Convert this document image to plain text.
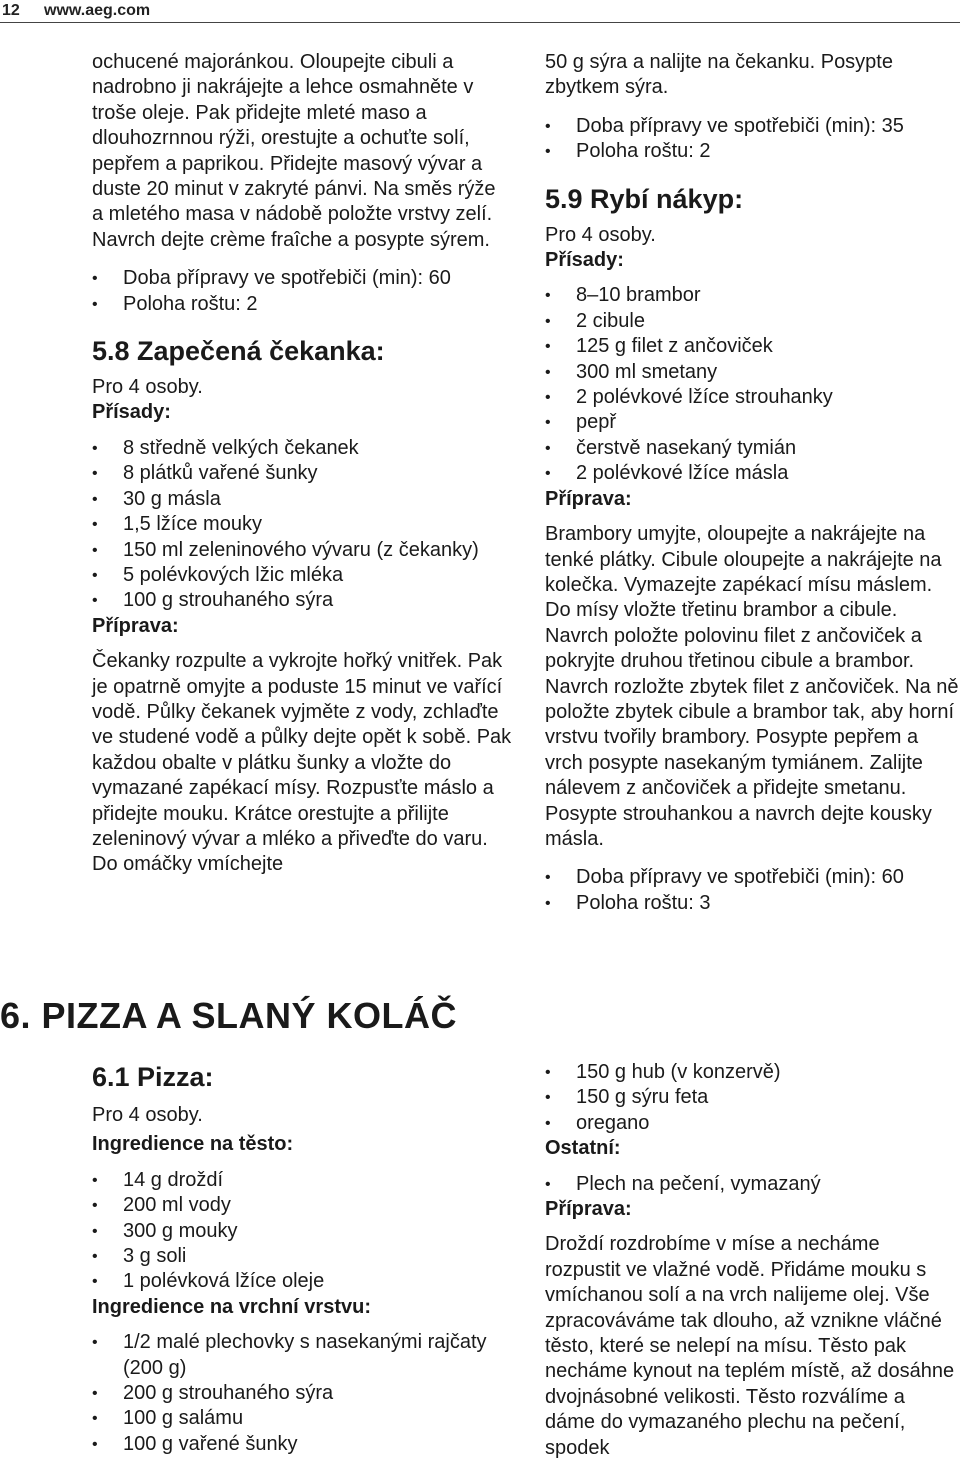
12	www.aeg.com

ochucené majoránkou. Oloupejte cibuli a nadrobno ji nakrájejte a lehce osmahněte v troše oleje. Pak přidejte mleté maso a dlouhozrnnou rýži, orestujte a ochuťte solí, pepřem a paprikou. Přidejte masový vývar a duste 20 minut v zakryté pánvi. Na směs rýže a mletého masa v nádobě položte vrstvy zelí. Navrch dejte crème fraîche a posypte sýrem.

• Doba přípravy ve spotřebiči (min): 60
• Poloha roštu: 2
5.8 Zapečená čekanka:

Pro 4 osoby.

Přísady:

• 8 středně velkých čekanek
• 8 plátků vařené šunky
• 30 g másla
• 1,5 lžíce mouky
• 150 ml zeleninového vývaru (z čekanky)
• 5 polévkových lžic mléka
• 100 g strouhaného sýra

Příprava:

Čekanky rozpulte a vykrojte hořký vnitřek. Pak je opatrně omyjte a poduste 15 minut ve vařící vodě. Půlky čekanek vyjměte z vody, zchlaďte ve studené vodě a půlky dejte opět k sobě. Pak každou obalte v plátku šunky a vložte do vymazané zapékací mísy. Rozpusťte máslo a přidejte mouku. Krátce orestujte a přilijte zeleninový vývar a mléko a přiveďte do varu. Do omáčky vmíchejte

50 g sýra a nalijte na čekanku. Posypte zbytkem sýra.

• Doba přípravy ve spotřebiči (min): 35
• Poloha roštu: 2
5.9 Rybí nákyp:

Pro 4 osoby.

Přísady:

• 8–10 brambor
• 2 cibule
• 125 g filet z ančoviček
• 300 ml smetany
• 2 polévkové lžíce strouhanky
• pepř
• čerstvě nasekaný tymián
• 2 polévkové lžíce másla

Příprava:

Brambory umyjte, oloupejte a nakrájejte na tenké plátky. Cibule oloupejte a nakrájejte na kolečka. Vymazejte zapékací mísu máslem. Do mísy vložte třetinu brambor a cibule. Navrch položte polovinu filet z ančoviček a pokryjte druhou třetinou cibule a brambor. Navrch rozložte zbytek filet z ančoviček. Na ně položte zbytek cibule a brambor tak, aby horní vrstvu tvořily brambory. Posypte pepřem a vrch posypte nasekaným tymiánem. Zalijte nálevem z ančoviček a přidejte smetanu. Posypte strouhankou a navrch dejte kousky másla.

• Doba přípravy ve spotřebiči (min): 60
• Poloha roštu: 3
6. PIZZA A SLANÝ KOLÁČ
6.1 Pizza:

Pro 4 osoby.

Ingredience na těsto:

• 14 g droždí
• 200 ml vody
• 300 g mouky
• 3 g soli
• 1 polévková lžíce oleje

Ingredience na vrchní vrstvu:

• 1/2 malé plechovky s nasekanými rajčaty (200 g)
• 200 g strouhaného sýra
• 100 g salámu
• 100 g vařené šunky
• 150 g hub (v konzervě)
• 150 g sýru feta
• oregano

Ostatní:

• Plech na pečení, vymazaný

Příprava:

Droždí rozdrobíme v míse a necháme rozpustit ve vlažné vodě. Přidáme mouku s vmíchanou solí a na vrch nalijeme olej. Vše zpracováváme tak dlouho, až vznikne vláčné těsto, které se nelepí na mísu. Těsto pak necháme kynout na teplém místě, až dosáhne dvojnásobné velikosti. Těsto rozválíme a dáme do vymazaného plechu na pečení, spodek
